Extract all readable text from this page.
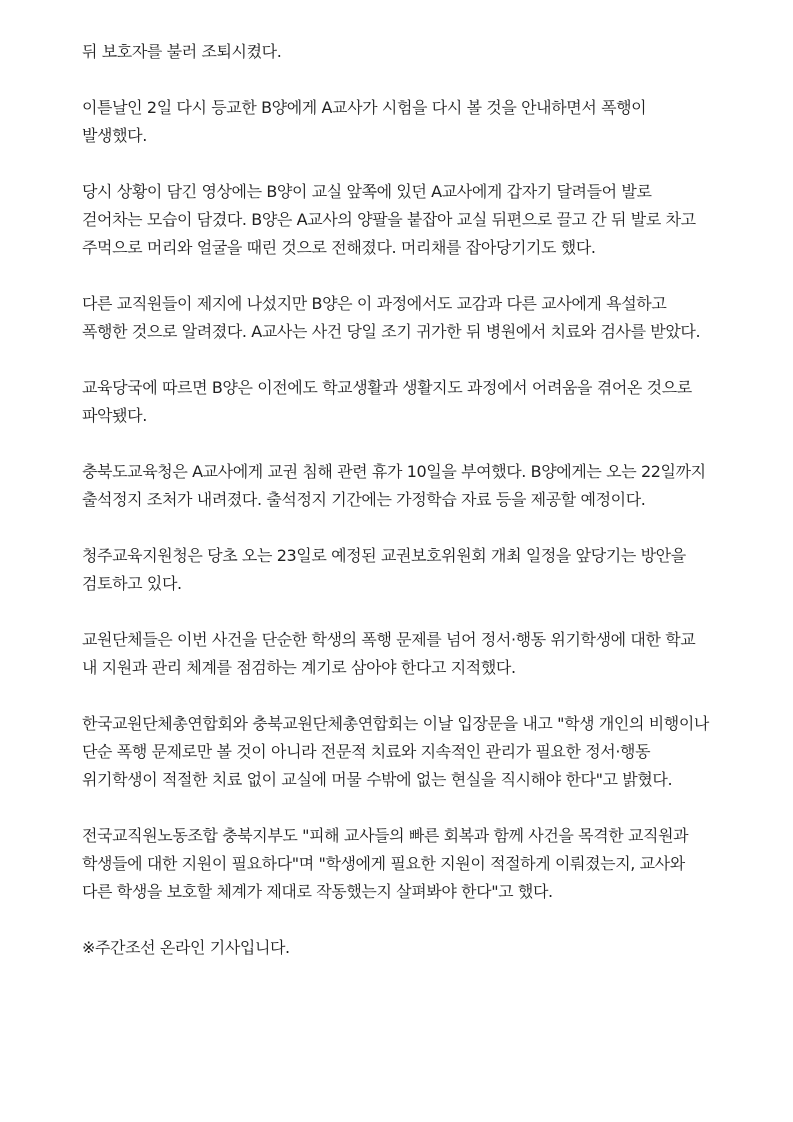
뒤 보호자를 불러 조퇴시켰다.

이튿날인 2일 다시 등교한 B양에게 A교사가 시험을 다시 볼 것을 안내하면서 폭행이 발생했다.

당시 상황이 담긴 영상에는 B양이 교실 앞쪽에 있던 A교사에게 갑자기 달려들어 발로 걷어차는 모습이 담겼다. B양은 A교사의 양팔을 붙잡아 교실 뒤편으로 끌고 간 뒤 발로 차고 주먹으로 머리와 얼굴을 때린 것으로 전해졌다. 머리채를 잡아당기기도 했다.

다른 교직원들이 제지에 나섰지만 B양은 이 과정에서도 교감과 다른 교사에게 욕설하고 폭행한 것으로 알려졌다. A교사는 사건 당일 조기 귀가한 뒤 병원에서 치료와 검사를 받았다.

교육당국에 따르면 B양은 이전에도 학교생활과 생활지도 과정에서 어려움을 겪어온 것으로 파악됐다.

충북도교육청은 A교사에게 교권 침해 관련 휴가 10일을 부여했다. B양에게는 오는 22일까지 출석정지 조처가 내려졌다. 출석정지 기간에는 가정학습 자료 등을 제공할 예정이다.

청주교육지원청은 당초 오는 23일로 예정된 교권보호위원회 개최 일정을 앞당기는 방안을 검토하고 있다.

교원단체들은 이번 사건을 단순한 학생의 폭행 문제를 넘어 정서·행동 위기학생에 대한 학교 내 지원과 관리 체계를 점검하는 계기로 삼아야 한다고 지적했다.

한국교원단체총연합회와 충북교원단체총연합회는 이날 입장문을 내고 "학생 개인의 비행이나 단순 폭행 문제로만 볼 것이 아니라 전문적 치료와 지속적인 관리가 필요한 정서·행동 위기학생이 적절한 치료 없이 교실에 머물 수밖에 없는 현실을 직시해야 한다"고 밝혔다.

전국교직원노동조합 충북지부도 "피해 교사들의 빠른 회복과 함께 사건을 목격한 교직원과 학생들에 대한 지원이 필요하다"며 "학생에게 필요한 지원이 적절하게 이뤄졌는지, 교사와 다른 학생을 보호할 체계가 제대로 작동했는지 살펴봐야 한다"고 했다.

※주간조선 온라인 기사입니다.
